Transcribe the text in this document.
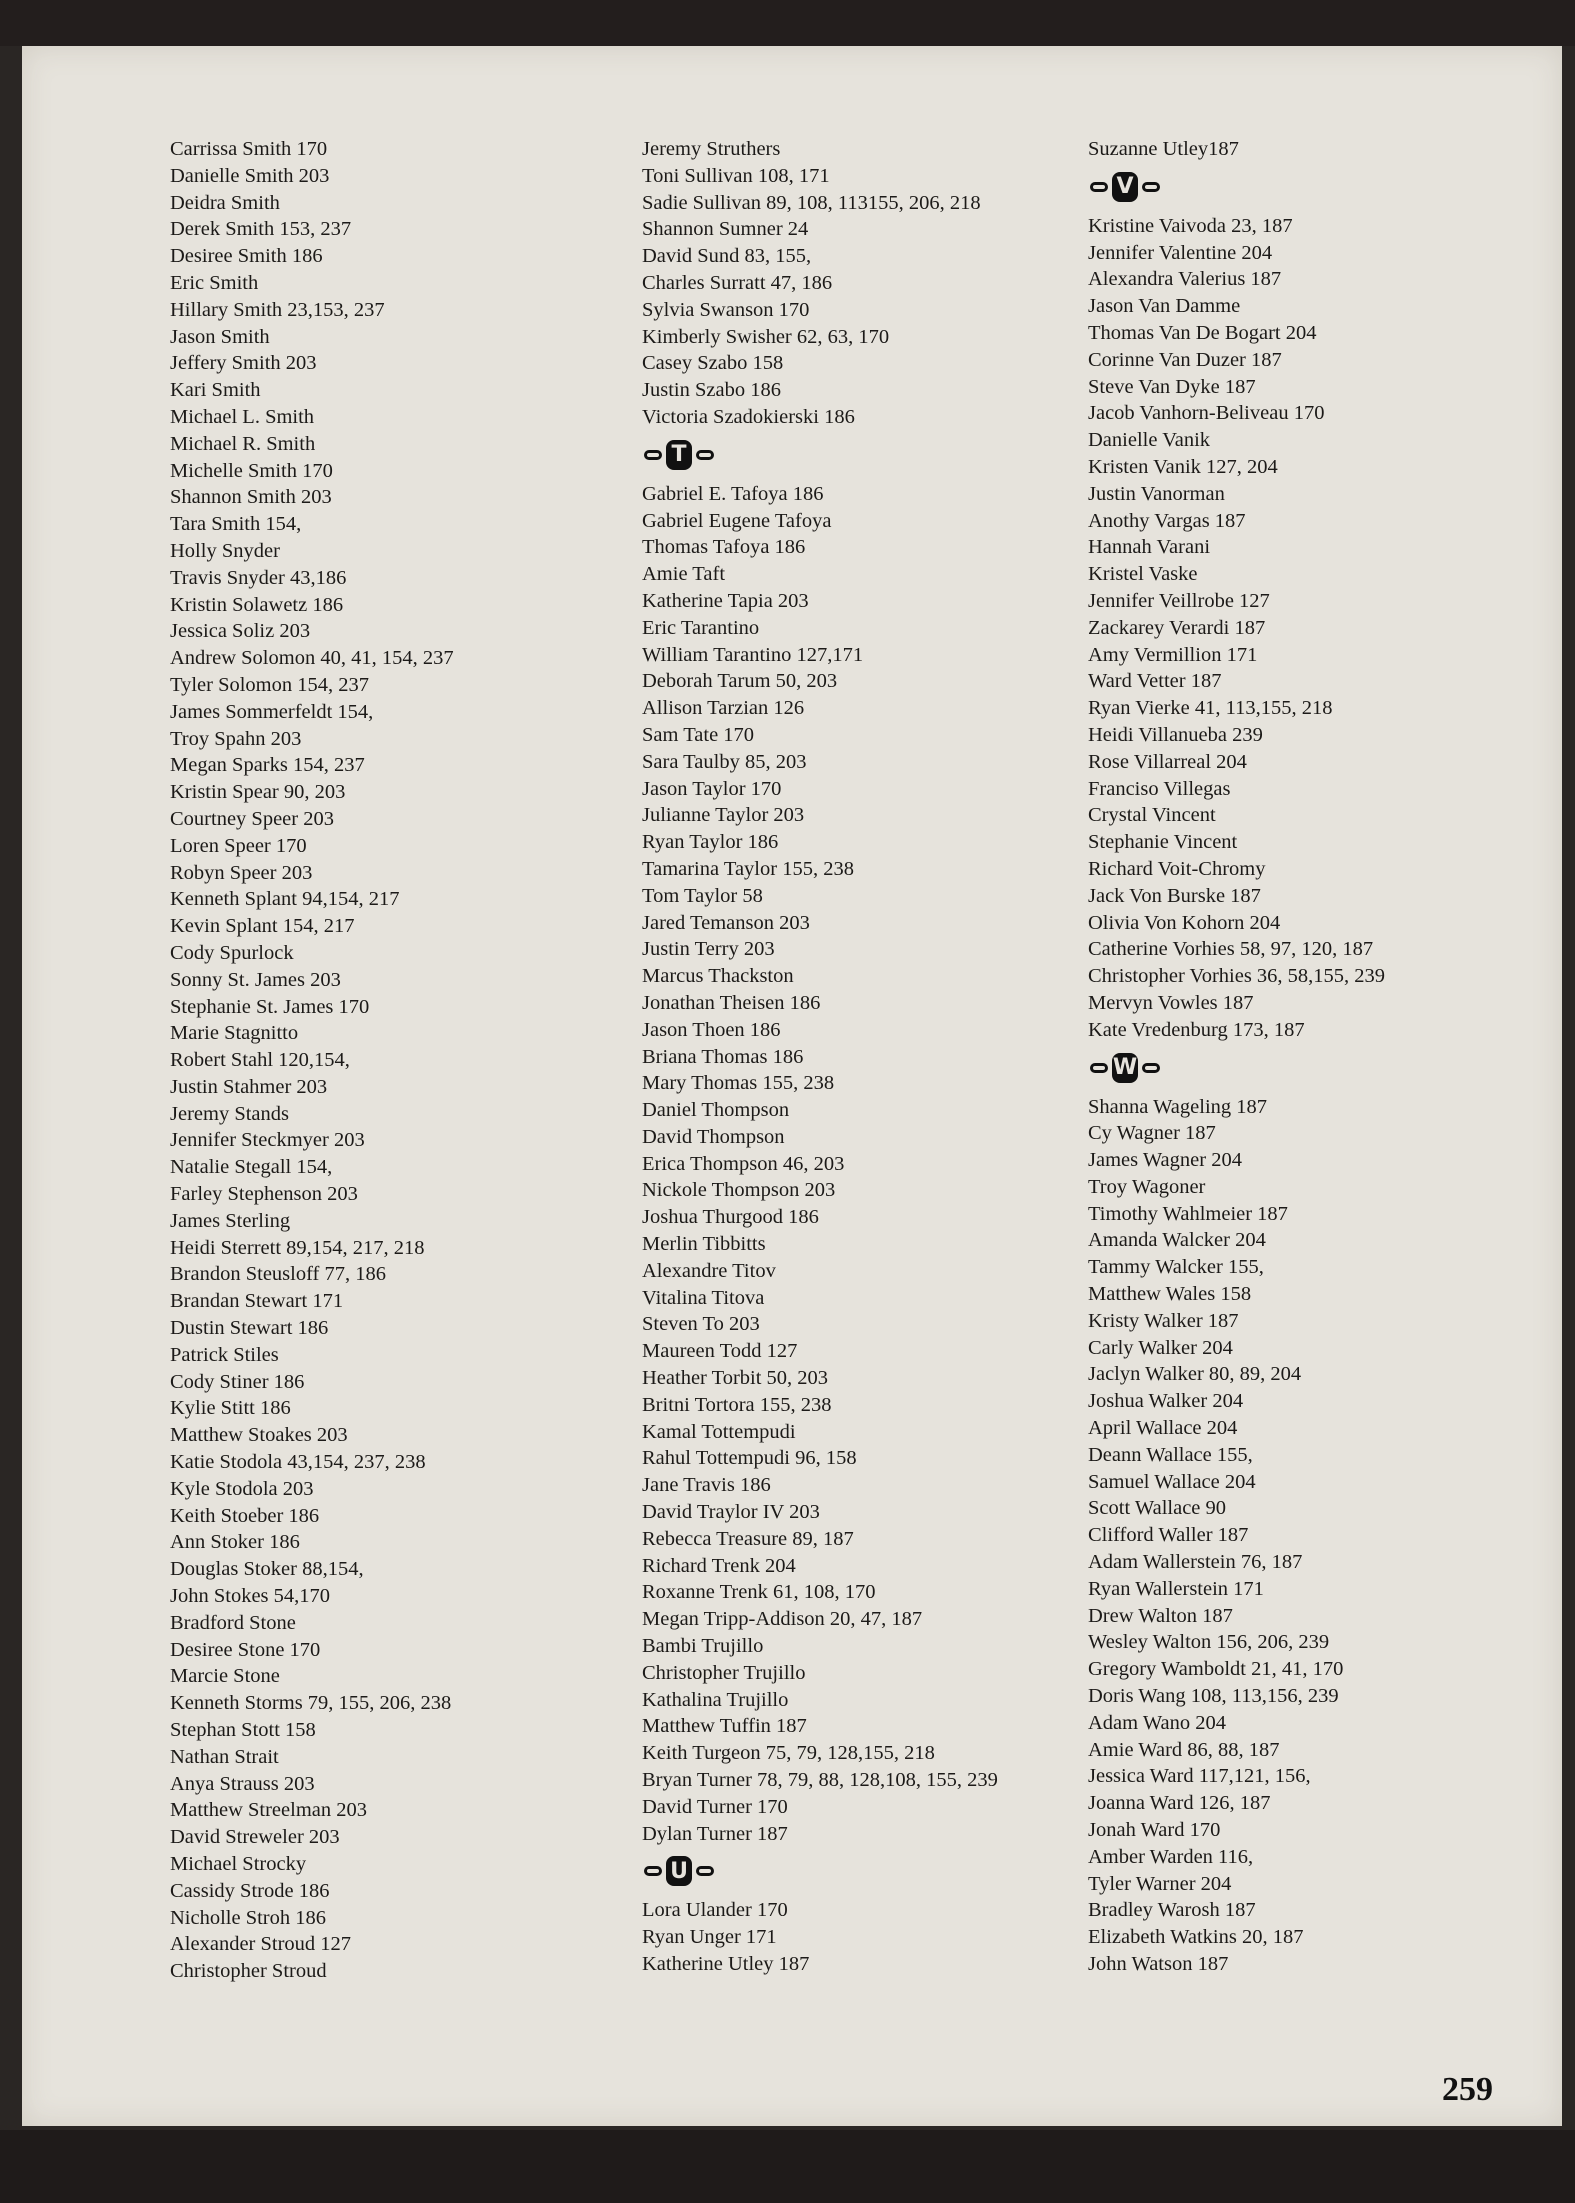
Carrissa Smith 170
Danielle Smith 203
Deidra Smith
Derek Smith 153, 237
Desiree Smith 186
Eric Smith
Hillary Smith 23,153, 237
Jason Smith
Jeffery Smith 203
Kari Smith
Michael L. Smith
Michael R. Smith
Michelle Smith 170
Shannon Smith 203
Tara Smith 154,
Holly Snyder
Travis Snyder 43,186
Kristin Solawetz 186
Jessica Soliz 203
Andrew Solomon 40, 41, 154, 237
Tyler Solomon 154, 237
James Sommerfeldt 154,
Troy Spahn 203
Megan Sparks 154, 237
Kristin Spear 90, 203
Courtney Speer 203
Loren Speer 170
Robyn Speer 203
Kenneth Splant 94,154, 217
Kevin Splant 154, 217
Cody Spurlock
Sonny St. James 203
Stephanie St. James 170
Marie Stagnitto
Robert Stahl 120,154,
Justin Stahmer 203
Jeremy Stands
Jennifer Steckmyer 203
Natalie Stegall 154,
Farley Stephenson 203
James Sterling
Heidi Sterrett 89,154, 217, 218
Brandon Steusloff 77, 186
Brandan Stewart 171
Dustin Stewart 186
Patrick Stiles
Cody Stiner 186
Kylie Stitt 186
Matthew Stoakes 203
Katie Stodola 43,154, 237, 238
Kyle Stodola 203
Keith Stoeber 186
Ann Stoker 186
Douglas Stoker 88,154,
John Stokes 54,170
Bradford Stone
Desiree Stone 170
Marcie Stone
Kenneth Storms 79, 155, 206, 238
Stephan Stott 158
Nathan Strait
Anya Strauss 203
Matthew Streelman 203
David Streweler 203
Michael Strocky
Cassidy Strode 186
Nicholle Stroh 186
Alexander Stroud 127
Christopher Stroud
Jeremy Struthers
Toni Sullivan 108, 171
Sadie Sullivan 89, 108, 113155, 206, 218
Shannon Sumner 24
David Sund 83, 155,
Charles Surratt 47, 186
Sylvia Swanson 170
Kimberly Swisher 62, 63, 170
Casey Szabo 158
Justin Szabo 186
Victoria Szadokierski 186
T
Gabriel E. Tafoya 186
Gabriel Eugene Tafoya
Thomas Tafoya 186
Amie Taft
Katherine Tapia 203
Eric Tarantino
William Tarantino 127,171
Deborah Tarum 50, 203
Allison Tarzian 126
Sam Tate 170
Sara Taulby 85, 203
Jason Taylor 170
Julianne Taylor 203
Ryan Taylor 186
Tamarina Taylor 155, 238
Tom Taylor 58
Jared Temanson 203
Justin Terry 203
Marcus Thackston
Jonathan Theisen 186
Jason Thoen 186
Briana Thomas 186
Mary Thomas 155, 238
Daniel Thompson
David Thompson
Erica Thompson 46, 203
Nickole Thompson 203
Joshua Thurgood 186
Merlin Tibbitts
Alexandre Titov
Vitalina Titova
Steven To 203
Maureen Todd 127
Heather Torbit 50, 203
Britni Tortora 155, 238
Kamal Tottempudi
Rahul Tottempudi 96, 158
Jane Travis 186
David Traylor IV 203
Rebecca Treasure 89, 187
Richard Trenk 204
Roxanne Trenk 61, 108, 170
Megan Tripp-Addison 20, 47, 187
Bambi Trujillo
Christopher Trujillo
Kathalina Trujillo
Matthew Tuffin 187
Keith Turgeon 75, 79, 128,155, 218
Bryan Turner 78, 79, 88, 128,108, 155, 239
David Turner 170
Dylan Turner 187
U
Lora Ulander 170
Ryan Unger 171
Katherine Utley 187
Suzanne Utley187
V
Kristine Vaivoda 23, 187
Jennifer Valentine 204
Alexandra Valerius 187
Jason Van Damme
Thomas Van De Bogart 204
Corinne Van Duzer 187
Steve Van Dyke 187
Jacob Vanhorn-Beliveau 170
Danielle Vanik
Kristen Vanik 127, 204
Justin Vanorman
Anothy Vargas 187
Hannah Varani
Kristel Vaske
Jennifer Veillrobe 127
Zackarey Verardi 187
Amy Vermillion 171
Ward Vetter 187
Ryan Vierke 41, 113,155, 218
Heidi Villanueba 239
Rose Villarreal 204
Franciso Villegas
Crystal Vincent
Stephanie Vincent
Richard Voit-Chromy
Jack Von Burske 187
Olivia Von Kohorn 204
Catherine Vorhies 58, 97, 120, 187
Christopher Vorhies 36, 58,155, 239
Mervyn Vowles 187
Kate Vredenburg 173, 187
W
Shanna Wageling 187
Cy Wagner 187
James Wagner 204
Troy Wagoner
Timothy Wahlmeier 187
Amanda Walcker 204
Tammy Walcker 155,
Matthew Wales 158
Kristy Walker 187
Carly Walker 204
Jaclyn Walker 80, 89, 204
Joshua Walker 204
April Wallace 204
Deann Wallace 155,
Samuel Wallace 204
Scott Wallace 90
Clifford Waller 187
Adam Wallerstein 76, 187
Ryan Wallerstein 171
Drew Walton 187
Wesley Walton 156, 206, 239
Gregory Wamboldt 21, 41, 170
Doris Wang 108, 113,156, 239
Adam Wano 204
Amie Ward 86, 88, 187
Jessica Ward 117,121, 156,
Joanna Ward 126, 187
Jonah Ward 170
Amber Warden 116,
Tyler Warner 204
Bradley Warosh 187
Elizabeth Watkins 20, 187
John Watson 187
259
